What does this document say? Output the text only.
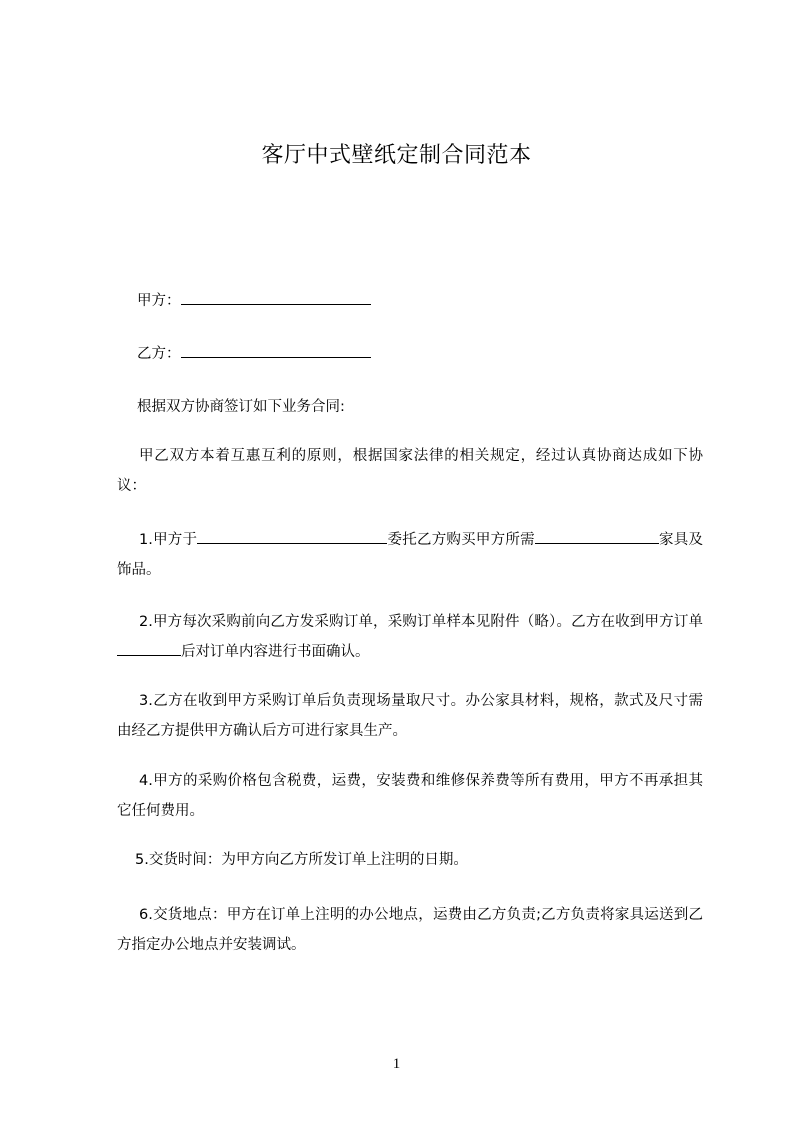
客厅中式壁纸定制合同范本
甲方：
乙方：
根据双方协商签订如下业务合同:
甲乙双方本着互惠互利的原则，根据国家法律的相关规定，经过认真协商达成如下协议：
1.甲方于	委托乙方购买甲方所需	家具及饰品。
2.甲方每次采购前向乙方发采购订单，采购订单样本见附件（略）。乙方在收到甲方订单后对订单内容进行书面确认。
3.乙方在收到甲方采购订单后负责现场量取尺寸。办公家具材料，规格，款式及尺寸需由经乙方提供甲方确认后方可进行家具生产。
4.甲方的采购价格包含税费，运费，安装费和维修保养费等所有费用，甲方不再承担其它任何费用。
5.交货时间：为甲方向乙方所发订单上注明的日期。
6.交货地点：甲方在订单上注明的办公地点，运费由乙方负责;乙方负责将家具运送到乙方指定办公地点并安装调试。
1
